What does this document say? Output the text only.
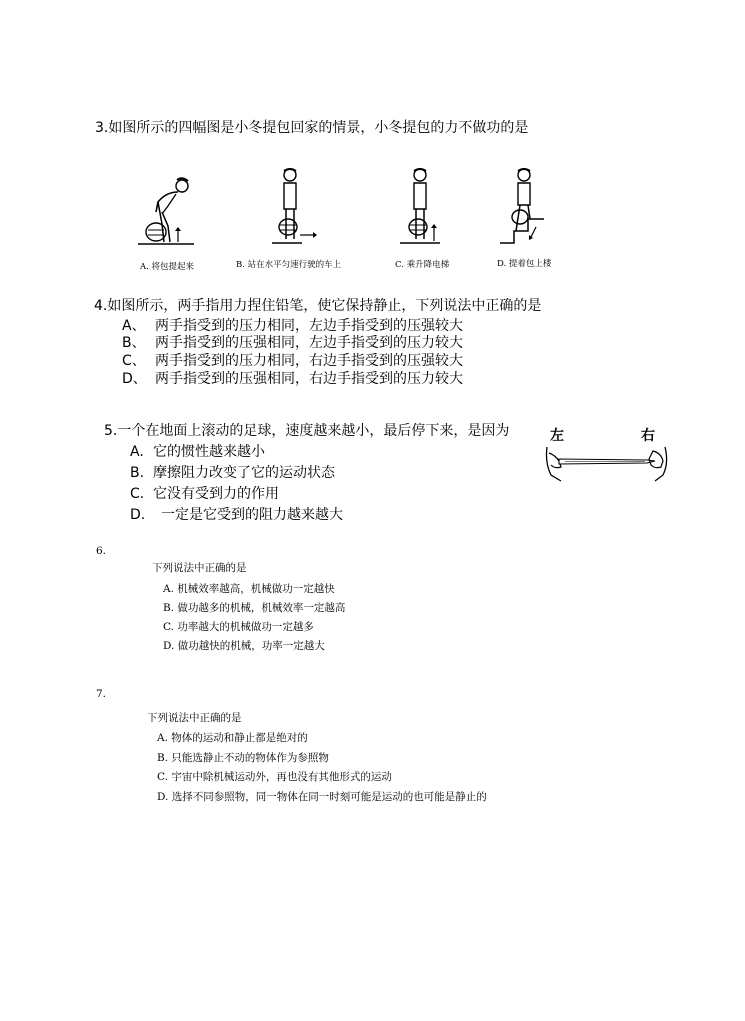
3.如图所示的四幅图是小冬提包回家的情景，小冬提包的力不做功的是
A. 将包提起来	B. 站在水平匀速行驶的车上	C. 乘升降电梯	D. 提着包上楼
4.如图所示，两手指用力捏住铅笔，使它保持静止，下列说法中正确的是
A、 两手指受到的压力相同，左边手指受到的压强较大
B、 两手指受到的压强相同，左边手指受到的压力较大
C、 两手指受到的压力相同，右边手指受到的压强较大
D、 两手指受到的压强相同，右边手指受到的压力较大
左	右
5.一个在地面上滚动的足球，速度越来越小，最后停下来，是因为
A. 它的惯性越来越小
B. 摩擦阻力改变了它的运动状态
C. 它没有受到力的作用
D. 一定是它受到的阻力越来越大
6.
下列说法中正确的是
A. 机械效率越高，机械做功一定越快
B. 做功越多的机械，机械效率一定越高
C. 功率越大的机械做功一定越多
D. 做功越快的机械，功率一定越大
7.
下列说法中正确的是
A. 物体的运动和静止都是绝对的
B. 只能选静止不动的物体作为参照物
C. 宇宙中除机械运动外，再也没有其他形式的运动
D. 选择不同参照物，同一物体在同一时刻可能是运动的也可能是静止的
